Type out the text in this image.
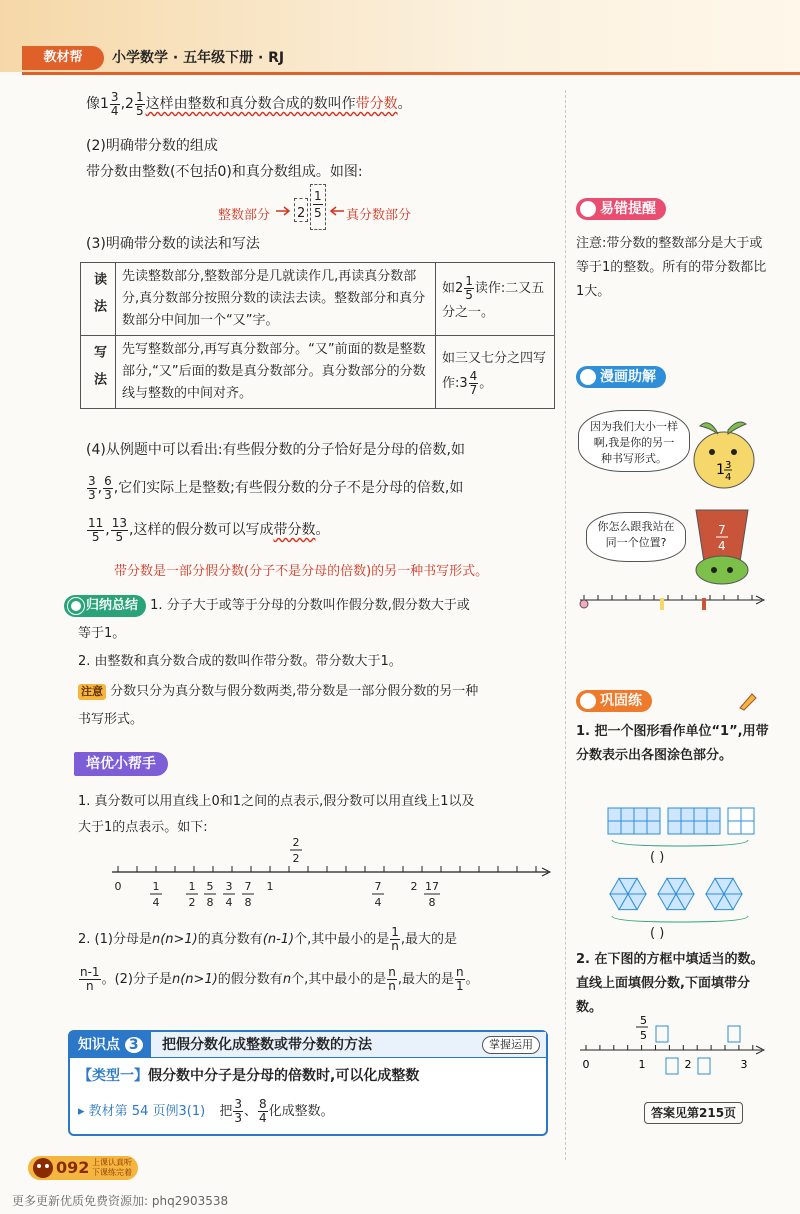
教材帮	小学数学 · 五年级下册 · RJ
像$1 \frac{3}{4} ,2 \frac{1}{5}$ 这样由整数和真分数合成的数叫作带分数。
(2)明确带分数的组成
带分数由整数(不包括0)和真分数组成。如图:
整数部分 $2 \frac{1}{5}$ 真分数部分
(3)明确带分数的读法和写法
读法	先读整数部分,整数部分是几就读作几,再读真分数部分,真分数部分按照分数的读法去读。整数部分和真分数部分中间加一个“又”字。	如$2 \frac{1}{5}$ 读作:二又五分之一。
写法	先写整数部分,再写真分数部分。“又”前面的数是整数部分,“又”后面的数是真分数部分。真分数部分的分数线与整数的中间对齐。	如三又七分之四写作:3 $\frac{4}{7}$ 。
(4)从例题中可以看出:有些假分数的分子恰好是分母的倍数,如
$\frac{3}{3}$ , $\frac{6}{3}$ ,它们实际上是整数;有些假分数的分子不是分母的倍数,如
$\frac{11}{5}$ , $\frac{13}{5}$ ,这样的假分数可以写成带分数。
带分数是一部分假分数(分子不是分母的倍数)的另一种书写形式。
归纳总结 1. 分子大于或等于分母的分数叫作假分数,假分数大于或
等于1。
2. 由整数和真分数合成的数叫作带分数。带分数大于1。
注意 分数只分为真分数与假分数两类,带分数是一部分假分数的另一种
书写形式。
培优小帮手
1. 真分数可以用直线上0和1之间的点表示,假分数可以用直线上1以及
大于1的点表示。如下:
2
2
0	1
4
1
2
5
8
3
4
7
8
1	7
4
2 17
8
2. (1)分母是n(n>1)的真分数有(n-1)个,其中最小的是 $\frac{1}{n}$ ,最大的是
$\frac{n-1}{n}$ 。(2)分子是n(n>1)的假分数有n个,其中最小的是 $\frac{n}{n}$ ,最大的是 $\frac{n}{1}$ 。
知识点 3	把假分数化成整数或带分数的方法	掌握运用
【类型一】假分数中分子是分母的倍数时,可以化成整数
▸ 教材第 54 页例3(1) 把 $\frac{3}{3}$ 、 $\frac{8}{4}$ 化成整数。
易错提醒
注意:带分数的整数部分是大于或等于1的整数。所有的带分数都比1大。
漫画助解
因为我们大小一样啊,我是你的另一种书写形式。
1 3
4
你怎么跟我站在同一个位置?
7
4
巩固练
1. 把一个图形看作单位“1”,用带分数表示出各图涂色部分。
( )
( )
2. 在下图的方框中填适当的数。直线上面填假分数,下面填带分数。
5
5
0	1	2	3
答案见第215页
092 上课认真听
下课练完着
更多更新优质免费资源加: phq2903538
